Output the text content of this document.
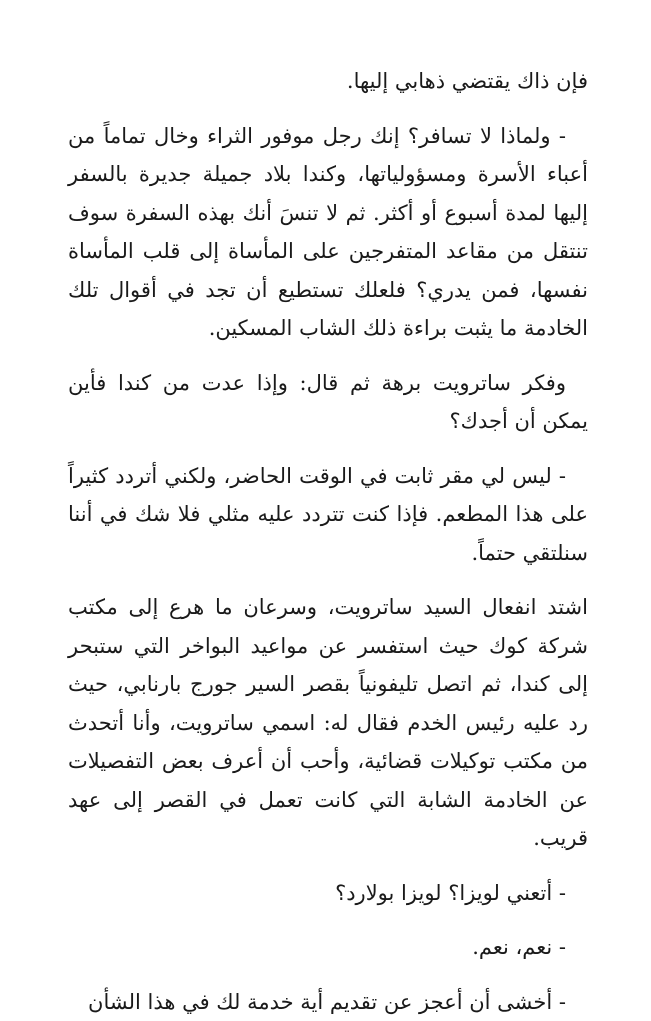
فإن ذاك يقتضي ذهابي إليها.

- ولماذا لا تسافر؟ إنك رجل موفور الثراء وخال تماماً من أعباء الأسرة ومسؤولياتها، وكندا بلاد جميلة جديرة بالسفر إليها لمدة أسبوع أو أكثر. ثم لا تنسَ أنك بهذه السفرة سوف تنتقل من مقاعد المتفرجين على المأساة إلى قلب المأساة نفسها، فمن يدري؟ فلعلك تستطيع أن تجد في أقوال تلك الخادمة ما يثبت براءة ذلك الشاب المسكين.

وفكر ساترويت برهة ثم قال: وإذا عدت من كندا فأين يمكن أن أجدك؟

- ليس لي مقر ثابت في الوقت الحاضر، ولكني أتردد كثيراً على هذا المطعم. فإذا كنت تتردد عليه مثلي فلا شك في أننا سنلتقي حتماً.

اشتد انفعال السيد ساترويت، وسرعان ما هرع إلى مكتب شركة كوك حيث استفسر عن مواعيد البواخر التي ستبحر إلى كندا، ثم اتصل تليفونياً بقصر السير جورج بارنابي، حيث رد عليه رئيس الخدم فقال له: اسمي ساترويت، وأنا أتحدث من مكتب توكيلات قضائية، وأحب أن أعرف بعض التفصيلات عن الخادمة الشابة التي كانت تعمل في القصر إلى عهد قريب.

- أتعني لويزا؟ لويزا بولارد؟

- نعم، نعم.

- أخشى أن أعجز عن تقديم أية خدمة لك في هذا الشأن
